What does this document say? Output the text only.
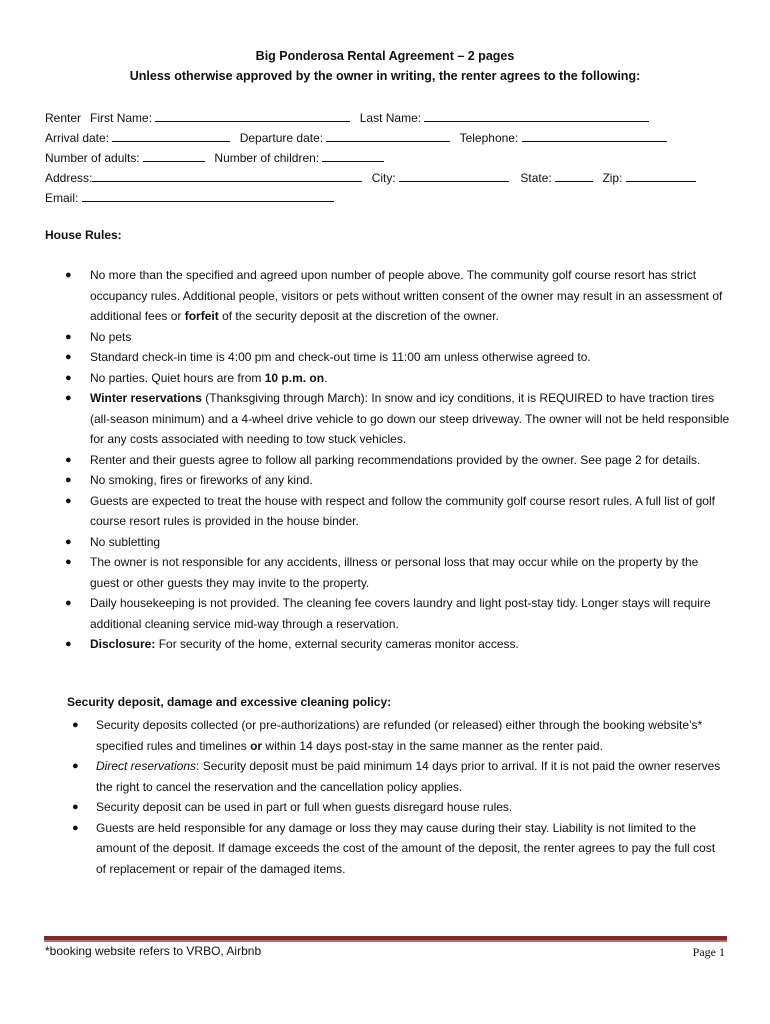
Big Ponderosa Rental Agreement – 2 pages
Unless otherwise approved by the owner in writing, the renter agrees to the following:
Renter First Name:	Last Name:
Arrival date:	Departure date:	Telephone:
Number of adults:	Number of children:
Address:	City:	State:	Zip:
Email:
House Rules:
● No more than the specified and agreed upon number of people above. The community golf course resort has strict occupancy rules. Additional people, visitors or pets without written consent of the owner may result in an assessment of additional fees or forfeit of the security deposit at the discretion of the owner.
● No pets
● Standard check-in time is 4:00 pm and check-out time is 11:00 am unless otherwise agreed to.
● No parties. Quiet hours are from 10 p.m. on.
● Winter reservations (Thanksgiving through March): In snow and icy conditions, it is REQUIRED to have traction tires (all-season minimum) and a 4-wheel drive vehicle to go down our steep driveway. The owner will not be held responsible for any costs associated with needing to tow stuck vehicles.
● Renter and their guests agree to follow all parking recommendations provided by the owner. See page 2 for details.
● No smoking, fires or fireworks of any kind.
● Guests are expected to treat the house with respect and follow the community golf course resort rules. A full list of golf course resort rules is provided in the house binder.
● No subletting
● The owner is not responsible for any accidents, illness or personal loss that may occur while on the property by the guest or other guests they may invite to the property.
● Daily housekeeping is not provided. The cleaning fee covers laundry and light post-stay tidy. Longer stays will require additional cleaning service mid-way through a reservation.
● Disclosure: For security of the home, external security cameras monitor access.
Security deposit, damage and excessive cleaning policy:
● Security deposits collected (or pre-authorizations) are refunded (or released) either through the booking website’s* specified rules and timelines or within 14 days post-stay in the same manner as the renter paid.
● Direct reservations: Security deposit must be paid minimum 14 days prior to arrival. If it is not paid the owner reserves the right to cancel the reservation and the cancellation policy applies.
● Security deposit can be used in part or full when guests disregard house rules.
● Guests are held responsible for any damage or loss they may cause during their stay. Liability is not limited to the amount of the deposit. If damage exceeds the cost of the amount of the deposit, the renter agrees to pay the full cost of replacement or repair of the damaged items.
*booking website refers to VRBO, Airbnb	Page 1
